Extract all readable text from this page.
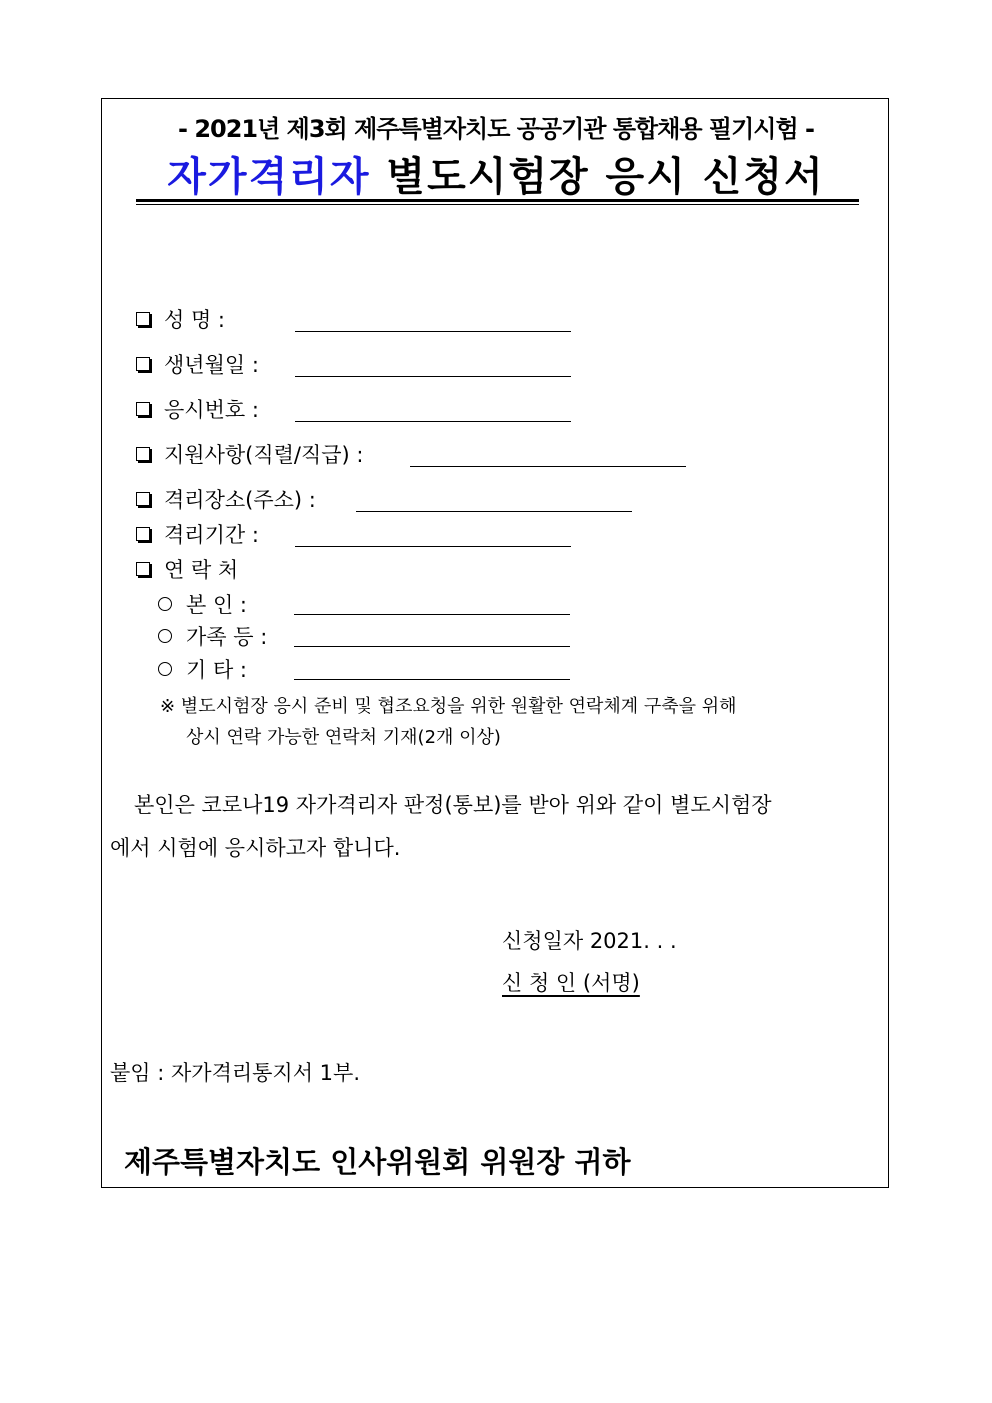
- 2021년 제3회 제주특별자치도 공공기관 통합채용 필기시험 -
자가격리자 별도시험장 응시 신청서
성 명 :
생년월일 :
응시번호 :
지원사항(직렬/직급) :
격리장소(주소) :
격리기간 :
연 락 처
본 인 :
가족 등 :
기 타 :
※ 별도시험장 응시 준비 및 협조요청을 위한 원활한 연락체계 구축을 위해
상시 연락 가능한 연락처 기재(2개 이상)
본인은 코로나19 자가격리자 판정(통보)를 받아 위와 같이 별도시험장
에서 시험에 응시하고자 합니다.
신청일자 2021. . .
신 청 인 (서명)
붙임 : 자가격리통지서 1부.
제주특별자치도 인사위원회 위원장 귀하
